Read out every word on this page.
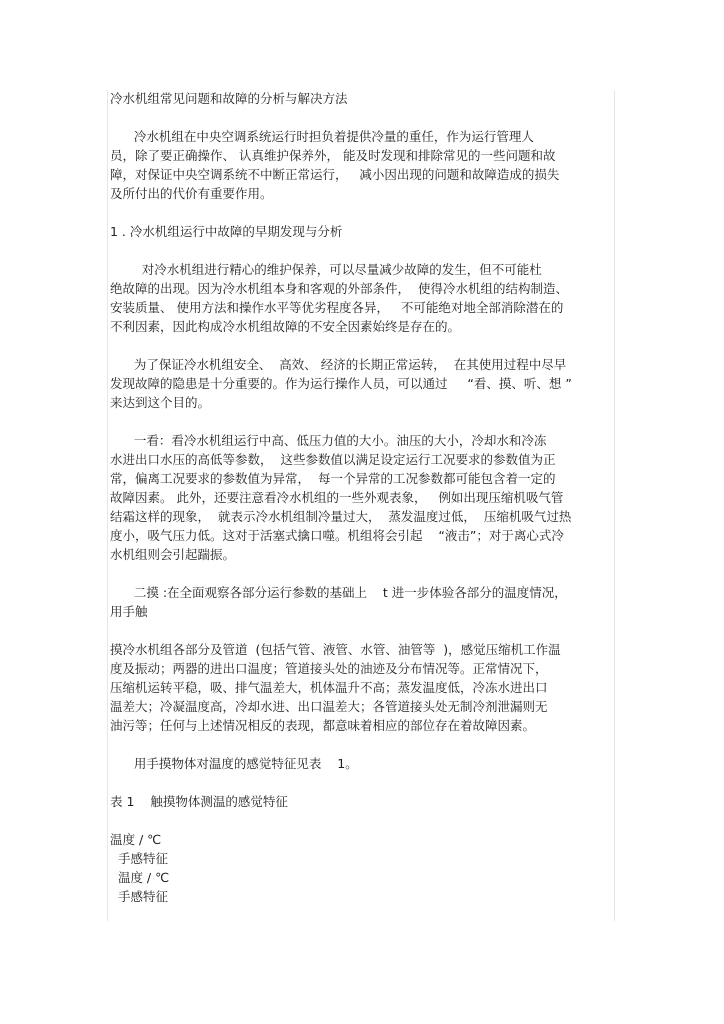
冷水机组常见问题和故障的分析与解决方法
冷水机组在中央空调系统运行时担负着提供冷量的重任，作为运行管理人
员，除了要正确操作、 认真维护保养外， 能及时发现和排除常见的一些问题和故
障，对保证中央空调系统不中断正常运行，   减小因出现的问题和故障造成的损失
及所付出的代价有重要作用。
1 . 冷水机组运行中故障的早期发现与分析
对冷水机组进行精心的维护保养，可以尽量减少故障的发生，但不可能杜
绝故障的出现。因为冷水机组本身和客观的外部条件，  使得冷水机组的结构制造、
安装质量、 使用方法和操作水平等优劣程度各异，   不可能绝对地全部消除潜在的
不利因素，因此构成冷水机组故障的不安全因素始终是存在的。
为了保证冷水机组安全、  高效、 经济的长期正常运转，  在其使用过程中尽早
发现故障的隐患是十分重要的。作为运行操作人员，可以通过     “看、摸、听、想 ”
来达到这个目的。
一看：看冷水机组运行中高、低压力值的大小。油压的大小，冷却水和冷冻
水进出口水压的高低等参数，  这些参数值以满足设定运行工况要求的参数值为正
常，偏离工况要求的参数值为异常，  每一个异常的工况参数都可能包含着一定的
故障因素。 此外，还要注意看冷水机组的一些外观表象，   例如出现压缩机吸气管
结霜这样的现象，  就表示冷水机组制冷量过大，  蒸发温度过低，  压缩机吸气过热
度小，吸气压力低。这对于活塞式擒口噬。机组将会引起    “液击”；对于离心式冷
水机组则会引起踹振。
二摸 :在全面观察各部分运行参数的基础上    t 进一步体验各部分的温度情况，
用手触
摸冷水机组各部分及管道  (包括气管、液管、水管、油管等  )，感觉压缩机工作温
度及振动；两器的进出口温度；管道接头处的油迹及分布情况等。正常情况下，
压缩机运转平稳，吸、排气温差大，机体温升不高；蒸发温度低，冷冻水进出口
温差大；冷凝温度高，冷却水进、出口温差大；各管道接头处无制冷剂泄漏则无
油污等；任何与上述情况相反的表现，都意味着相应的部位存在着故障因素。
用手摸物体对温度的感觉特征见表    1。
表 1    触摸物体测温的感觉特征
温度 / ℃
手感特征
温度 / ℃
手感特征
